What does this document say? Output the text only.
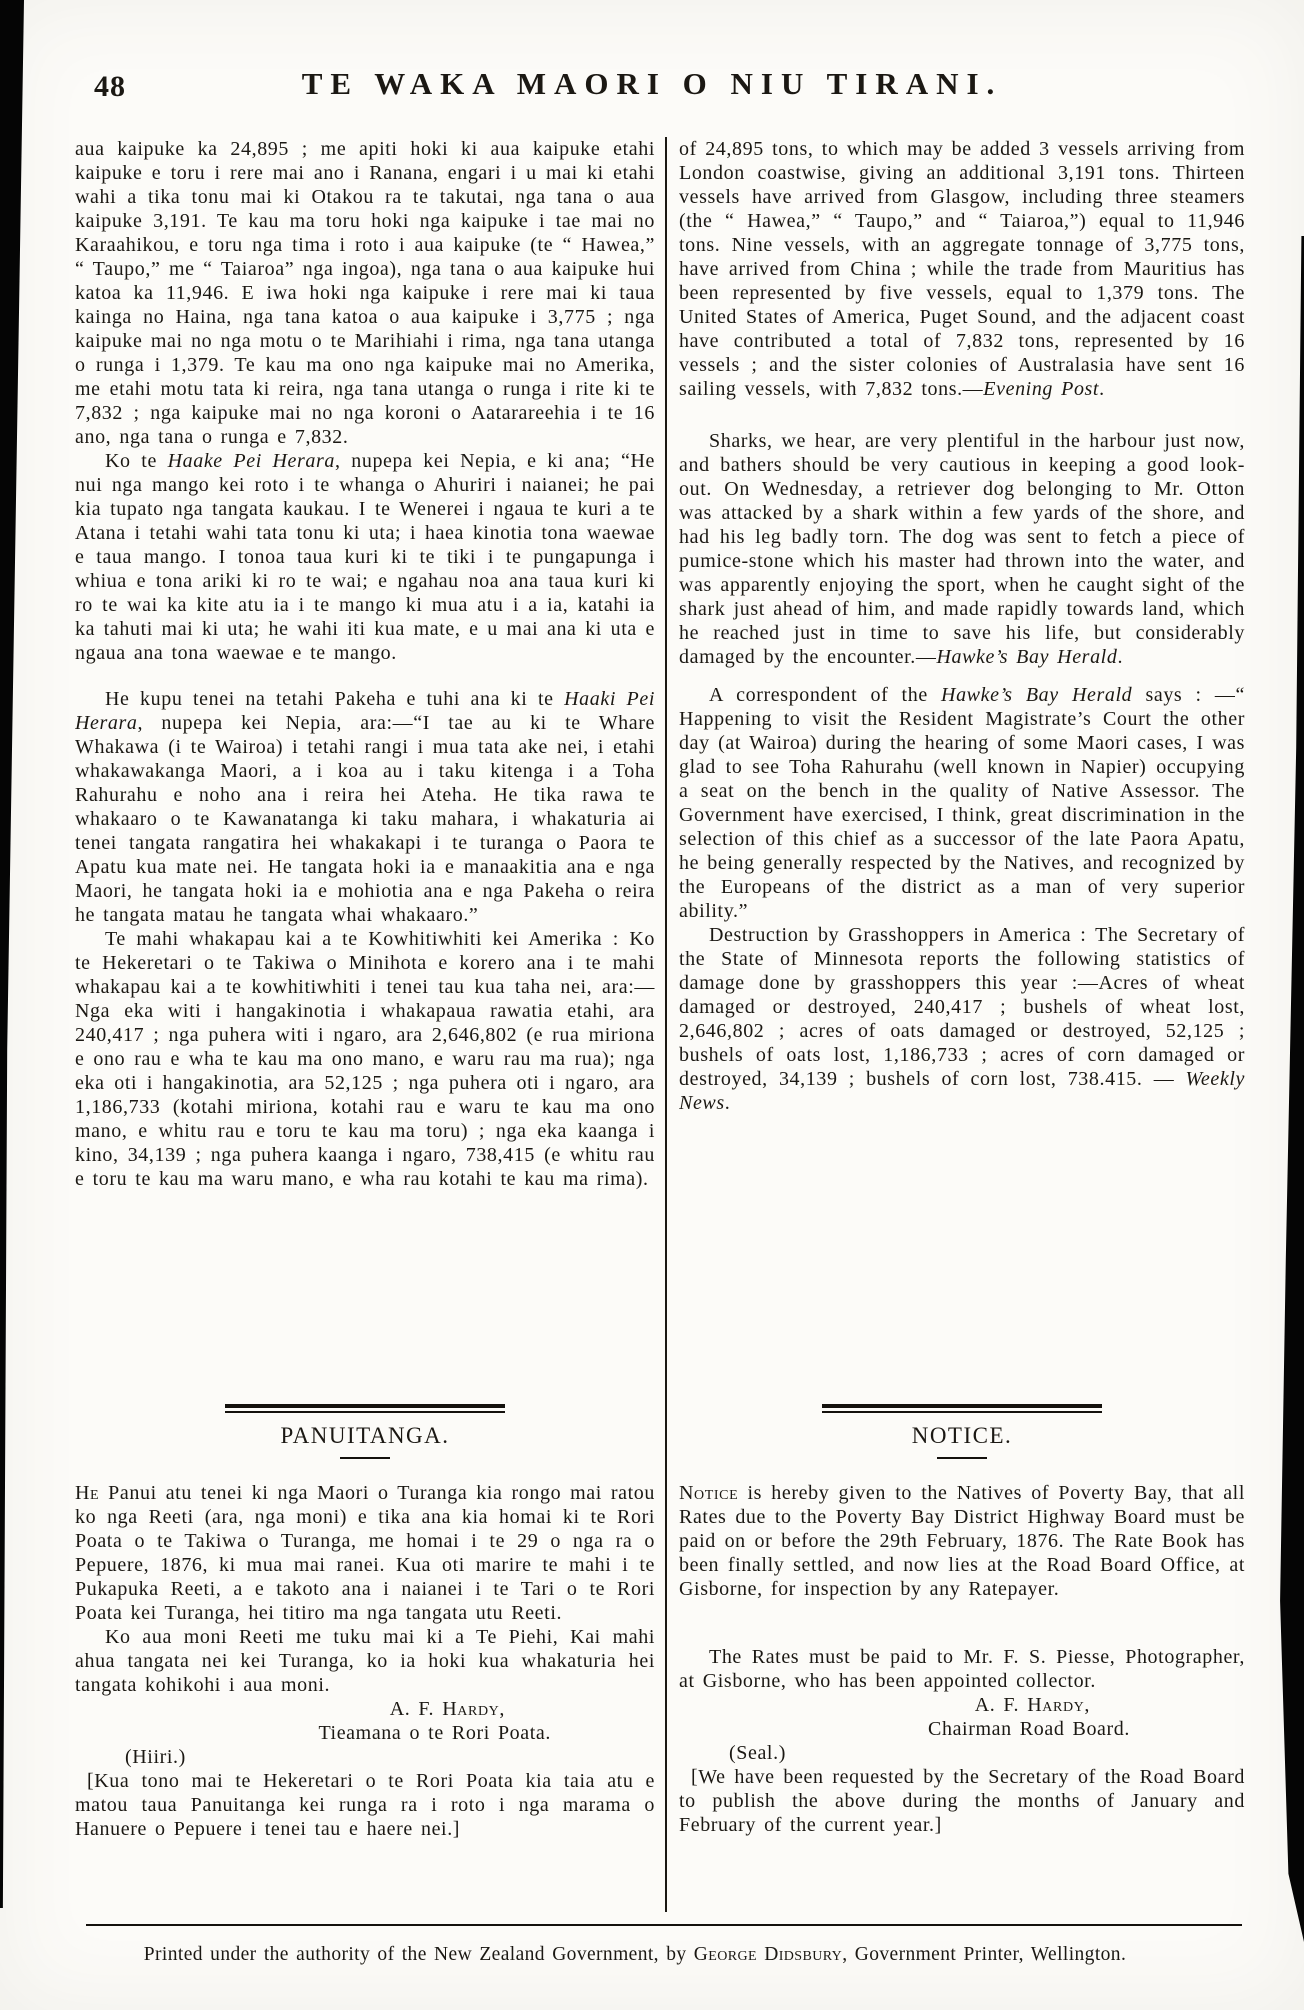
48	TE WAKA MAORI O NIU TIRANI.

aua kaipuke ka 24,895 ; me apiti hoki ki aua kaipuke etahi kaipuke e toru i rere mai ano i Ranana, engari i u mai ki etahi wahi a tika tonu mai ki Otakou ra te takutai, nga tana o aua kaipuke 3,191. Te kau ma toru hoki nga kaipuke i tae mai no Karaahikou, e toru nga tima i roto i aua kaipuke (te “ Hawea,” “ Taupo,” me “ Taiaroa” nga ingoa), nga tana o aua kaipuke hui katoa ka 11,946. E iwa hoki nga kaipuke i rere mai ki taua kainga no Haina, nga tana katoa o aua kaipuke i 3,775 ; nga kaipuke mai no nga motu o te Marihiahi i rima, nga tana utanga o runga i 1,379. Te kau ma ono nga kaipuke mai no Amerika, me etahi motu tata ki reira, nga tana utanga o runga i rite ki te 7,832 ; nga kaipuke mai no nga koroni o Aatarareehia i te 16 ano, nga tana o runga e 7,832.

Ko te Haake Pei Herara, nupepa kei Nepia, e ki ana; “He nui nga mango kei roto i te whanga o Ahuriri i naianei; he pai kia tupato nga tangata kaukau. I te Wenerei i ngaua te kuri a te Atana i tetahi wahi tata tonu ki uta; i haea kinotia tona waewae e taua mango. I tonoa taua kuri ki te tiki i te pungapunga i whiua e tona ariki ki ro te wai; e ngahau noa ana taua kuri ki ro te wai ka kite atu ia i te mango ki mua atu i a ia, katahi ia ka tahuti mai ki uta; he wahi iti kua mate, e u mai ana ki uta e ngaua ana tona waewae e te mango.

He kupu tenei na tetahi Pakeha e tuhi ana ki te Haaki Pei Herara, nupepa kei Nepia, ara:—“I tae au ki te Whare Whakawa (i te Wairoa) i tetahi rangi i mua tata ake nei, i etahi whakawakanga Maori, a i koa au i taku kitenga i a Toha Rahurahu e noho ana i reira hei Ateha. He tika rawa te whakaaro o te Kawanatanga ki taku mahara, i whakaturia ai tenei tangata rangatira hei whakakapi i te turanga o Paora te Apatu kua mate nei. He tangata hoki ia e manaakitia ana e nga Maori, he tangata hoki ia e mohiotia ana e nga Pakeha o reira he tangata matau he tangata whai whakaaro.”

Te mahi whakapau kai a te Kowhitiwhiti kei Amerika : Ko te Hekeretari o te Takiwa o Minihota e korero ana i te mahi whakapau kai a te kowhitiwhiti i tenei tau kua taha nei, ara:—Nga eka witi i hangakinotia i whakapaua rawatia etahi, ara 240,417 ; nga puhera witi i ngaro, ara 2,646,802 (e rua miriona e ono rau e wha te kau ma ono mano, e waru rau ma rua); nga eka oti i hangakinotia, ara 52,125 ; nga puhera oti i ngaro, ara 1,186,733 (kotahi miriona, kotahi rau e waru te kau ma ono mano, e whitu rau e toru te kau ma toru) ; nga eka kaanga i kino, 34,139 ; nga puhera kaanga i ngaro, 738,415 (e whitu rau e toru te kau ma waru mano, e wha rau kotahi te kau ma rima).

PANUITANGA.

He Panui atu tenei ki nga Maori o Turanga kia rongo mai ratou ko nga Reeti (ara, nga moni) e tika ana kia homai ki te Rori Poata o te Takiwa o Turanga, me homai i te 29 o nga ra o Pepuere, 1876, ki mua mai ranei. Kua oti marire te mahi i te Pukapuka Reeti, a e takoto ana i naianei i te Tari o te Rori Poata kei Turanga, hei titiro ma nga tangata utu Reeti.

Ko aua moni Reeti me tuku mai ki a Te Piehi, Kai mahi ahua tangata nei kei Turanga, ko ia hoki kua whakaturia hei tangata kohikohi i aua moni.

A. F. Hardy,

Tieamana o te Rori Poata.

(Hiiri.)

[Kua tono mai te Hekeretari o te Rori Poata kia taia atu e matou taua Panuitanga kei runga ra i roto i nga marama o Hanuere o Pepuere i tenei tau e haere nei.]

of 24,895 tons, to which may be added 3 vessels arriving from London coastwise, giving an additional 3,191 tons. Thirteen vessels have arrived from Glasgow, including three steamers (the “ Hawea,” “ Taupo,” and “ Taiaroa,”) equal to 11,946 tons. Nine vessels, with an aggregate tonnage of 3,775 tons, have arrived from China ; while the trade from Mauritius has been represented by five vessels, equal to 1,379 tons. The United States of America, Puget Sound, and the adjacent coast have contributed a total of 7,832 tons, represented by 16 vessels ; and the sister colonies of Australasia have sent 16 sailing vessels, with 7,832 tons.—Evening Post.

Sharks, we hear, are very plentiful in the harbour just now, and bathers should be very cautious in keeping a good look-out. On Wednesday, a retriever dog belonging to Mr. Otton was attacked by a shark within a few yards of the shore, and had his leg badly torn. The dog was sent to fetch a piece of pumice-stone which his master had thrown into the water, and was apparently enjoying the sport, when he caught sight of the shark just ahead of him, and made rapidly towards land, which he reached just in time to save his life, but considerably damaged by the encounter.—Hawke’s Bay Herald.

A correspondent of the Hawke’s Bay Herald says : —“ Happening to visit the Resident Magistrate’s Court the other day (at Wairoa) during the hearing of some Maori cases, I was glad to see Toha Rahurahu (well known in Napier) occupying a seat on the bench in the quality of Native Assessor. The Government have exercised, I think, great discrimination in the selection of this chief as a successor of the late Paora Apatu, he being generally respected by the Natives, and recognized by the Europeans of the district as a man of very superior ability.”

Destruction by Grasshoppers in America : The Secretary of the State of Minnesota reports the following statistics of damage done by grasshoppers this year :—Acres of wheat damaged or destroyed, 240,417 ; bushels of wheat lost, 2,646,802 ; acres of oats damaged or destroyed, 52,125 ; bushels of oats lost, 1,186,733 ; acres of corn damaged or destroyed, 34,139 ; bushels of corn lost, 738.415. — Weekly News.

NOTICE.

Notice is hereby given to the Natives of Poverty Bay, that all Rates due to the Poverty Bay District Highway Board must be paid on or before the 29th February, 1876. The Rate Book has been finally settled, and now lies at the Road Board Office, at Gisborne, for inspection by any Ratepayer.

The Rates must be paid to Mr. F. S. Piesse, Photographer, at Gisborne, who has been appointed collector.

A. F. Hardy,

Chairman Road Board.

(Seal.)

[We have been requested by the Secretary of the Road Board to publish the above during the months of January and February of the current year.]

Printed under the authority of the New Zealand Government, by George Didsbury, Government Printer, Wellington.
